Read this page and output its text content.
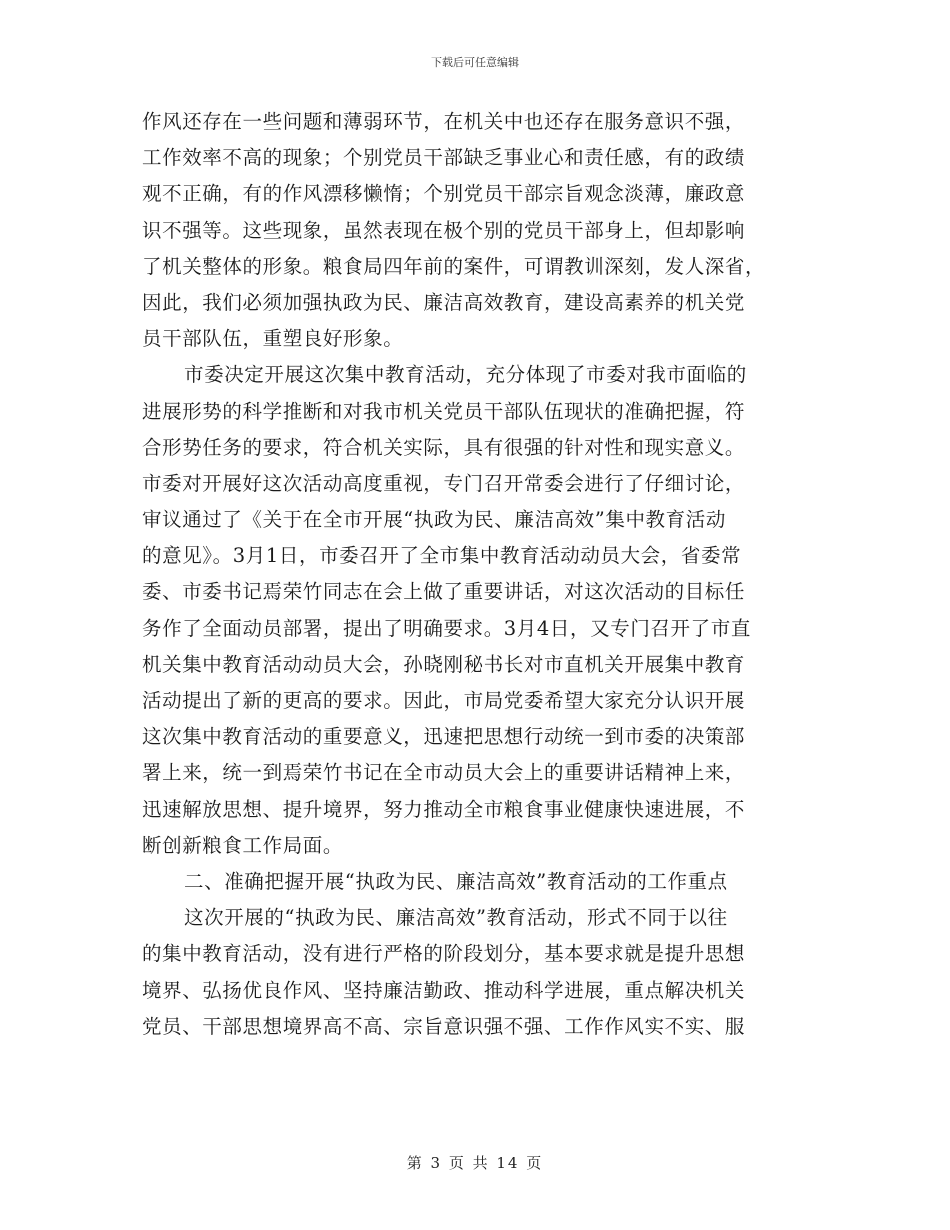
下载后可任意编辑
作风还存在一些问题和薄弱环节，在机关中也还存在服务意识不强，
工作效率不高的现象；个别党员干部缺乏事业心和责任感，有的政绩
观不正确，有的作风漂移懒惰；个别党员干部宗旨观念淡薄，廉政意
识不强等。这些现象，虽然表现在极个别的党员干部身上，但却影响
了机关整体的形象。粮食局四年前的案件，可谓教训深刻，发人深省，
因此，我们必须加强执政为民、廉洁高效教育，建设高素养的机关党
员干部队伍，重塑良好形象。
市委决定开展这次集中教育活动，充分体现了市委对我市面临的
进展形势的科学推断和对我市机关党员干部队伍现状的准确把握，符
合形势任务的要求，符合机关实际，具有很强的针对性和现实意义。
市委对开展好这次活动高度重视，专门召开常委会进行了仔细讨论，
审议通过了《关于在全市开展“执政为民、廉洁高效”集中教育活动
的意见》。3月1日，市委召开了全市集中教育活动动员大会，省委常
委、市委书记焉荣竹同志在会上做了重要讲话，对这次活动的目标任
务作了全面动员部署，提出了明确要求。3月4日，又专门召开了市直
机关集中教育活动动员大会，孙晓刚秘书长对市直机关开展集中教育
活动提出了新的更高的要求。因此，市局党委希望大家充分认识开展
这次集中教育活动的重要意义，迅速把思想行动统一到市委的决策部
署上来，统一到焉荣竹书记在全市动员大会上的重要讲话精神上来，
迅速解放思想、提升境界，努力推动全市粮食事业健康快速进展，不
断创新粮食工作局面。
二、准确把握开展“执政为民、廉洁高效”教育活动的工作重点
这次开展的“执政为民、廉洁高效”教育活动，形式不同于以往
的集中教育活动，没有进行严格的阶段划分，基本要求就是提升思想
境界、弘扬优良作风、坚持廉洁勤政、推动科学进展，重点解决机关
党员、干部思想境界高不高、宗旨意识强不强、工作作风实不实、服
第 3 页 共 14 页
